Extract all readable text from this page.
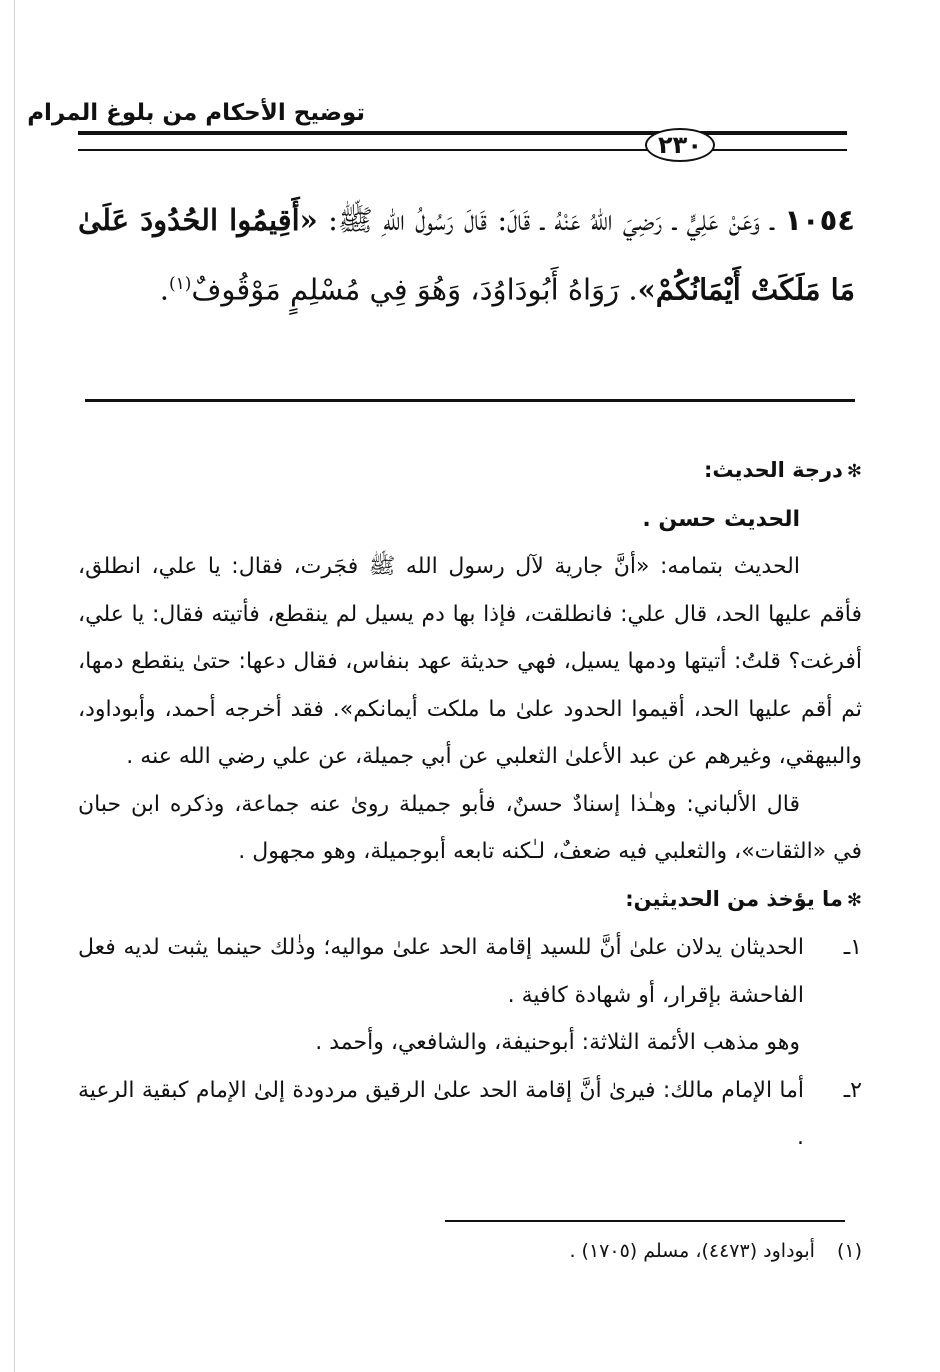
توضيح الأحكام من بلوغ المرام
٢٣٠
١٠٥٤ ـ وَعَنْ عَلِيٍّ ـ رَضِيَ اللهُ عَنْهُ ـ قَالَ: قَالَ رَسُولُ اللهِ ﷺ: «أَقِيمُوا الحُدُودَ عَلَىٰ مَا مَلَكَتْ أَيْمَانُكُمْ». رَوَاهُ أَبُودَاوُدَ، وَهُوَ فِي مُسْلِمٍ مَوْقُوفٌ$^{(١)}$.

✻درجة الحديث:

الحديث حسن .

الحديث بتمامه: «أنَّ جارية لآل رسول الله ﷺ فجَرت، فقال: يا علي، انطلق، فأقم عليها الحد، قال علي: فانطلقت، فإذا بها دم يسيل لم ينقطع، فأتيته فقال: يا علي، أفرغت؟ قلتُ: أتيتها ودمها يسيل، فهي حديثة عهد بنفاس، فقال دعها: حتىٰ ينقطع دمها، ثم أقم عليها الحد، أقيموا الحدود علىٰ ما ملكت أيمانكم». فقد أخرجه أحمد، وأبوداود، والبيهقي، وغيرهم عن عبد الأعلىٰ الثعلبي عن أبي جميلة، عن علي رضي الله عنه .

قال الألباني: وهـٰذا إسنادٌ حسنٌ، فأبو جميلة روىٰ عنه جماعة، وذكره ابن حبان في «الثقات»، والثعلبي فيه ضعفٌ، لـٰكنه تابعه أبوجميلة، وهو مجهول .

✻ما يؤخذ من الحديثين:

١ـالحديثان يدلان علىٰ أنَّ للسيد إقامة الحد علىٰ مواليه؛ وذٰلك حينما يثبت لديه فعل الفاحشة بإقرار، أو شهادة كافية .

وهو مذهب الأئمة الثلاثة: أبوحنيفة، والشافعي، وأحمد .

٢ـأما الإمام مالك: فيرىٰ أنَّ إقامة الحد علىٰ الرقيق مردودة إلىٰ الإمام كبقية الرعية .

(١)أبوداود (٤٤٧٣)، مسلم (١٧٠٥) .
